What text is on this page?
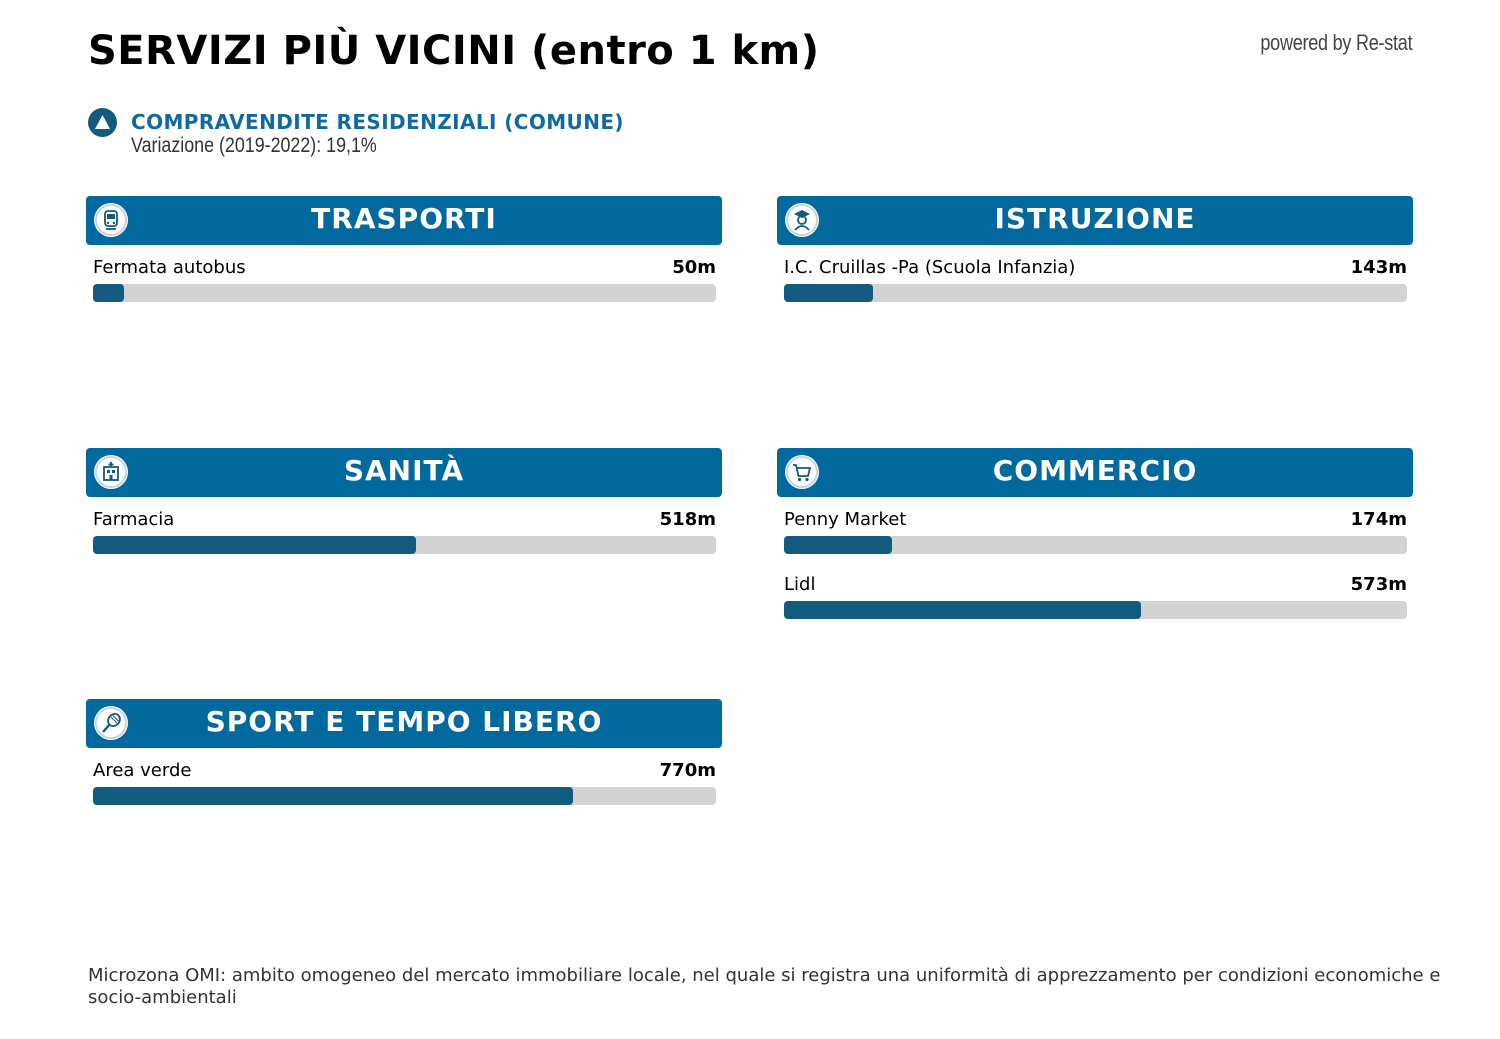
SERVIZI PIÙ VICINI (entro 1 km)	powered by Re-stat
COMPRAVENDITE RESIDENZIALI (COMUNE)
Variazione (2019-2022): 19,1%
TRASPORTI
Fermata autobus	50m
ISTRUZIONE
I.C. Cruillas -Pa (Scuola Infanzia)	143m
SANITÀ
Farmacia	518m
COMMERCIO
Penny Market	174m
Lidl	573m
SPORT E TEMPO LIBERO
Area verde	770m
Microzona OMI: ambito omogeneo del mercato immobiliare locale, nel quale si registra una uniformità di apprezzamento per condizioni economiche e socio-ambientali
